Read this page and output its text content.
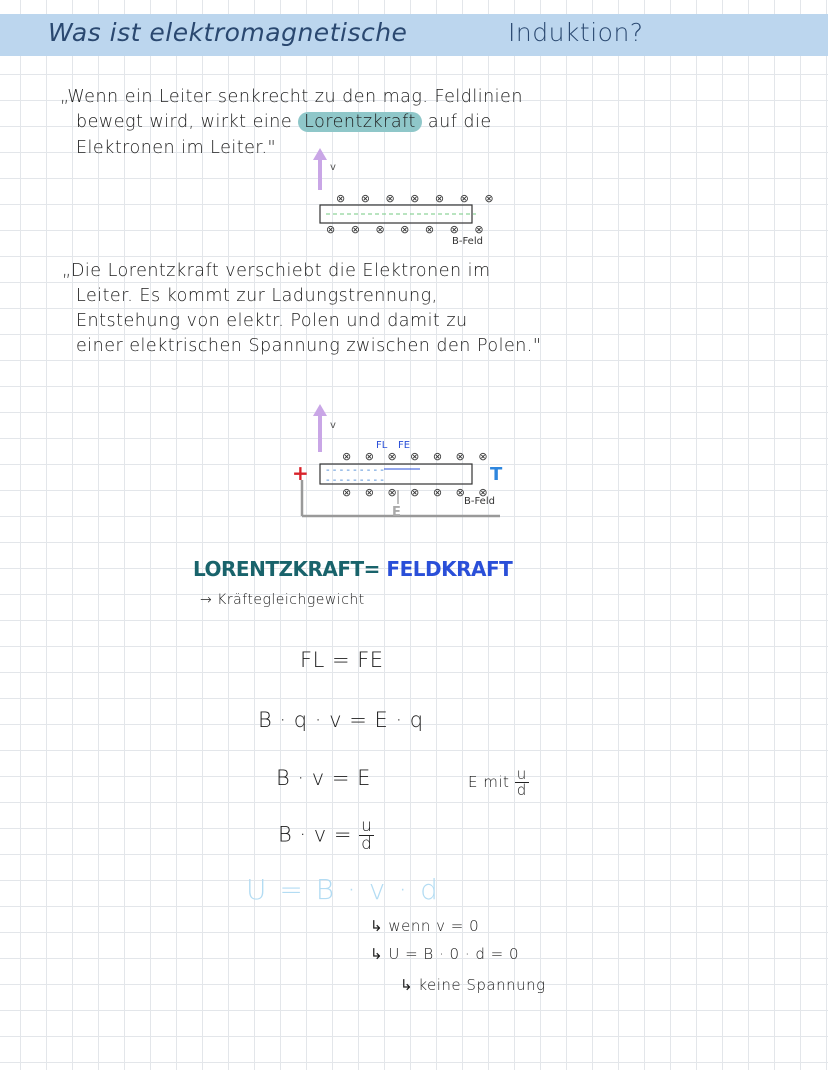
Was ist elektromagnetische	Induktion?
„Wenn ein Leiter senkrecht zu den mag. Feldlinien
bewegt wird, wirkt eine Lorentzkraft auf die
Elektronen im Leiter."
v
⊗ ⊗ ⊗ ⊗ ⊗ ⊗ ⊗
⊗ ⊗ ⊗ ⊗ ⊗ ⊗ ⊗
B-Feld
„Die Lorentzkraft verschiebt die Elektronen im
Leiter. Es kommt zur Ladungstrennung,
Entstehung von elektr. Polen und damit zu
einer elektrischen Spannung zwischen den Polen."
v
FL FE
⊗ ⊗ ⊗ ⊗ ⊗ ⊗ ⊗
- - - - - - - - -
- - - - - - - - -
+	T
E
⊗ ⊗ ⊗ ⊗ ⊗ ⊗ ⊗
B-Feld
LORENTZKRAFT= FELDKRAFT
→ Kräftegleichgewicht
FL = FE
B · q · v = E · q
B · v = E	E mit $\frac{u}{d}$
$B \cdot v = \frac{u}{d}$
U = B · v · d
↳ wenn v = 0
↳ U = B · 0 · d = 0
↳ keine Spannung
